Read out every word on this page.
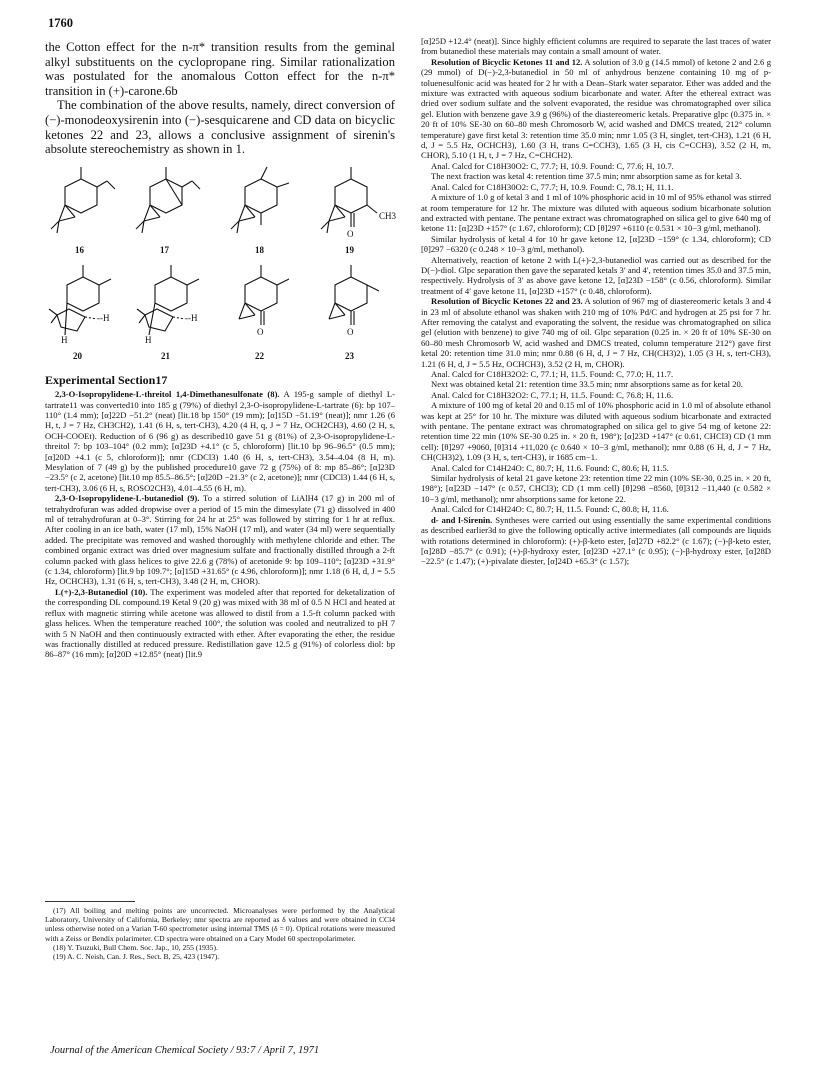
1760

the Cotton effect for the n-π* transition results from the geminal alkyl substituents on the cyclopropane ring. Similar rationalization was postulated for the anomalous Cotton effect for the n-π* transition in (+)-carone.6b

The combination of the above results, namely, direct conversion of (−)-monodeoxysirenin into (−)-sesquicarene and CD data on bicyclic ketones 22 and 23, allows a conclusive assignment of sirenin's absolute stereochemistry as shown in 1.

16	17	18	19
O
CH3
20	21	22	23
H	H
--H	--H
O	O
Experimental Section17

2,3-O-Isopropylidene-L-threitol 1,4-Dimethanesulfonate (8). A 195-g sample of diethyl L-tartrate11 was converted10 into 185 g (79%) of diethyl 2,3-O-isopropylidene-L-tartrate (6): bp 107–110° (1.4 mm); [α]22D −51.2° (neat) [lit.18 bp 150° (19 mm); [α]15D −51.19° (neat)]; nmr 1.26 (6 H, t, J = 7 Hz, CH3CH2), 1.41 (6 H, s, tert-CH3), 4.20 (4 H, q, J = 7 Hz, OCH2CH3), 4.60 (2 H, s, OCH-COOEt). Reduction of 6 (96 g) as described10 gave 51 g (81%) of 2,3-O-isopropylidene-L-threitol 7: bp 103–104° (0.2 mm); [α]23D +4.1° (c 5, chloroform) [lit.10 bp 96–96.5° (0.5 mm); [α]20D +4.1 (c 5, chloroform)]; nmr (CDCl3) 1.40 (6 H, s, tert-CH3), 3.54–4.04 (8 H, m). Mesylation of 7 (49 g) by the published procedure10 gave 72 g (75%) of 8: mp 85–86°; [α]23D −23.5° (c 2, acetone) [lit.10 mp 85.5–86.5°; [α]20D −21.3° (c 2, acetone)]; nmr (CDCl3) 1.44 (6 H, s, tert-CH3), 3.06 (6 H, s, ROSO2CH3), 4.01–4.55 (6 H, m).

2,3-O-Isopropylidene-L-butanediol (9). To a stirred solution of LiAlH4 (17 g) in 200 ml of tetrahydrofuran was added dropwise over a period of 15 min the dimesylate (71 g) dissolved in 400 ml of tetrahydrofuran at 0–3°. Stirring for 24 hr at 25° was followed by stirring for 1 hr at reflux. After cooling in an ice bath, water (17 ml), 15% NaOH (17 ml), and water (34 ml) were sequentially added. The precipitate was removed and washed thoroughly with methylene chloride and ether. The combined organic extract was dried over magnesium sulfate and fractionally distilled through a 2-ft column packed with glass helices to give 22.6 g (78%) of acetonide 9: bp 109–110°; [α]23D +31.9° (c 1.34, chloroform) [lit.9 bp 109.7°; [α]15D +31.65° (c 4.96, chloroform)]; nmr 1.18 (6 H, d, J = 5.5 Hz, OCHCH3), 1.31 (6 H, s, tert-CH3), 3.48 (2 H, m, CHOR).

L(+)-2,3-Butanediol (10). The experiment was modeled after that reported for deketalization of the corresponding DL compound.19 Ketal 9 (20 g) was mixed with 38 ml of 0.5 N HCl and heated at reflux with magnetic stirring while acetone was allowed to distil from a 1.5-ft column packed with glass helices. When the temperature reached 100°, the solution was cooled and neutralized to pH 7 with 5 N NaOH and then continuously extracted with ether. After evaporating the ether, the residue was fractionally distilled at reduced pressure. Redistillation gave 12.5 g (91%) of colorless diol: bp 86–87° (16 mm); [α]20D +12.85° (neat) [lit.9

(17) All boiling and melting points are uncorrected. Microanalyses were performed by the Analytical Laboratory, University of California, Berkeley; nmr spectra are reported as δ values and were obtained in CCl4 unless otherwise noted on a Varian T-60 spectrometer using internal TMS (δ = 0). Optical rotations were measured with a Zeiss or Bendix polarimeter. CD spectra were obtained on a Cary Model 60 spectropolarimeter.

(18) Y. Tsuzuki, Bull Chem. Soc. Jap., 10, 255 (1935).

(19) A. C. Neish, Can. J. Res., Sect. B, 25, 423 (1947).

[α]25D +12.4° (neat)]. Since highly efficient columns are required to separate the last traces of water from butanediol these materials may contain a small amount of water.

Resolution of Bicyclic Ketones 11 and 12. A solution of 3.0 g (14.5 mmol) of ketone 2 and 2.6 g (29 mmol) of D(−)-2,3-butanediol in 50 ml of anhydrous benzene containing 10 mg of p-toluenesulfonic acid was heated for 2 hr with a Dean–Stark water separator. Ether was added and the mixture was extracted with aqueous sodium bicarbonate and water. After the ethereal extract was dried over sodium sulfate and the solvent evaporated, the residue was chromatographed over silica gel. Elution with benzene gave 3.9 g (96%) of the diastereomeric ketals. Preparative glpc (0.375 in. × 20 ft of 10% SE-30 on 60–80 mesh Chromosorb W, acid washed and DMCS treated, 212° column temperature) gave first ketal 3: retention time 35.0 min; nmr 1.05 (3 H, singlet, tert-CH3), 1.21 (6 H, d, J = 5.5 Hz, OCHCH3), 1.60 (3 H, trans C=CCH3), 1.65 (3 H, cis C=CCH3), 3.52 (2 H, m, CHOR), 5.10 (1 H, t, J = 7 Hz, C=CHCH2).

Anal. Calcd for C18H30O2: C, 77.7; H, 10.9. Found: C, 77.6; H, 10.7.

The next fraction was ketal 4: retention time 37.5 min; nmr absorption same as for ketal 3.

Anal. Calcd for C18H30O2: C, 77.7; H, 10.9. Found: C, 78.1; H, 11.1.

A mixture of 1.0 g of ketal 3 and 1 ml of 10% phosphoric acid in 10 ml of 95% ethanol was stirred at room temperature for 12 hr. The mixture was diluted with aqueous sodium bicarbonate solution and extracted with pentane. The pentane extract was chromatographed on silica gel to give 640 mg of ketone 11: [α]23D +157° (c 1.67, chloroform); CD [θ]297 +6110 (c 0.531 × 10−3 g/ml, methanol).

Similar hydrolysis of ketal 4 for 10 hr gave ketone 12, [α]23D −159° (c 1.34, chloroform); CD [θ]297 −6320 (c 0.248 × 10−3 g/ml, methanol).

Alternatively, reaction of ketone 2 with L(+)-2,3-butanediol was carried out as described for the D(−)-diol. Glpc separation then gave the separated ketals 3′ and 4′, retention times 35.0 and 37.5 min, respectively. Hydrolysis of 3′ as above gave ketone 12, [α]23D −158° (c 0.56, chloroform). Similar treatment of 4′ gave ketone 11, [α]23D +157° (c 0.48, chloroform).

Resolution of Bicyclic Ketones 22 and 23. A solution of 967 mg of diastereomeric ketals 3 and 4 in 23 ml of absolute ethanol was shaken with 210 mg of 10% Pd/C and hydrogen at 25 psi for 7 hr. After removing the catalyst and evaporating the solvent, the residue was chromatographed on silica gel (elution with benzene) to give 740 mg of oil. Glpc separation (0.25 in. × 20 ft of 10% SE-30 on 60–80 mesh Chromosorb W, acid washed and DMCS treated, column temperature 212°) gave first ketal 20: retention time 31.0 min; nmr 0.88 (6 H, d, J = 7 Hz, CH(CH3)2), 1.05 (3 H, s, tert-CH3), 1.21 (6 H, d, J = 5.5 Hz, OCHCH3), 3.52 (2 H, m, CHOR).

Anal. Calcd for C18H32O2: C, 77.1; H, 11.5. Found: C, 77.0; H, 11.7.

Next was obtained ketal 21: retention time 33.5 min; nmr absorptions same as for ketal 20.

Anal. Calcd for C18H32O2: C, 77.1; H, 11.5. Found: C, 76.8; H, 11.6.

A mixture of 100 mg of ketal 20 and 0.15 ml of 10% phosphoric acid in 1.0 ml of absolute ethanol was kept at 25° for 10 hr. The mixture was diluted with aqueous sodium bicarbonate and extracted with pentane. The pentane extract was chromatographed on silica gel to give 54 mg of ketone 22: retention time 22 min (10% SE-30 0.25 in. × 20 ft, 198°); [α]23D +147° (c 0.61, CHCl3) CD (1 mm cell): [θ]297 +9060, [θ]314 +11,020 (c 0.640 × 10−3 g/ml, methanol); nmr 0.88 (6 H, d, J = 7 Hz, CH(CH3)2), 1.09 (3 H, s, tert-CH3), ir 1685 cm−1.

Anal. Calcd for C14H24O: C, 80.7; H, 11.6. Found: C, 80.6; H, 11.5.

Similar hydrolysis of ketal 21 gave ketone 23: retention time 22 min (10% SE-30, 0.25 in. × 20 ft, 198°); [α]23D −147° (c 0.57, CHCl3); CD (1 mm cell) [θ]298 −8560, [θ]312 −11,440 (c 0.582 × 10−3 g/ml, methanol); nmr absorptions same for ketone 22.

Anal. Calcd for C14H24O: C, 80.7; H, 11.5. Found: C, 80.8; H, 11.6.

d- and l-Sirenin. Syntheses were carried out using essentially the same experimental conditions as described earlier3d to give the following optically active intermediates (all compounds are liquids with rotations determined in chloroform): (+)-β-keto ester, [α]27D +82.2° (c 1.67); (−)-β-keto ester, [α]28D −85.7° (c 0.91); (+)-β-hydroxy ester, [α]23D +27.1° (c 0.95); (−)-β-hydroxy ester, [α]28D −22.5° (c 1.47); (+)-pivalate diester, [α]24D +65.3° (c 1.57);

Journal of the American Chemical Society / 93:7 / April 7, 1971
